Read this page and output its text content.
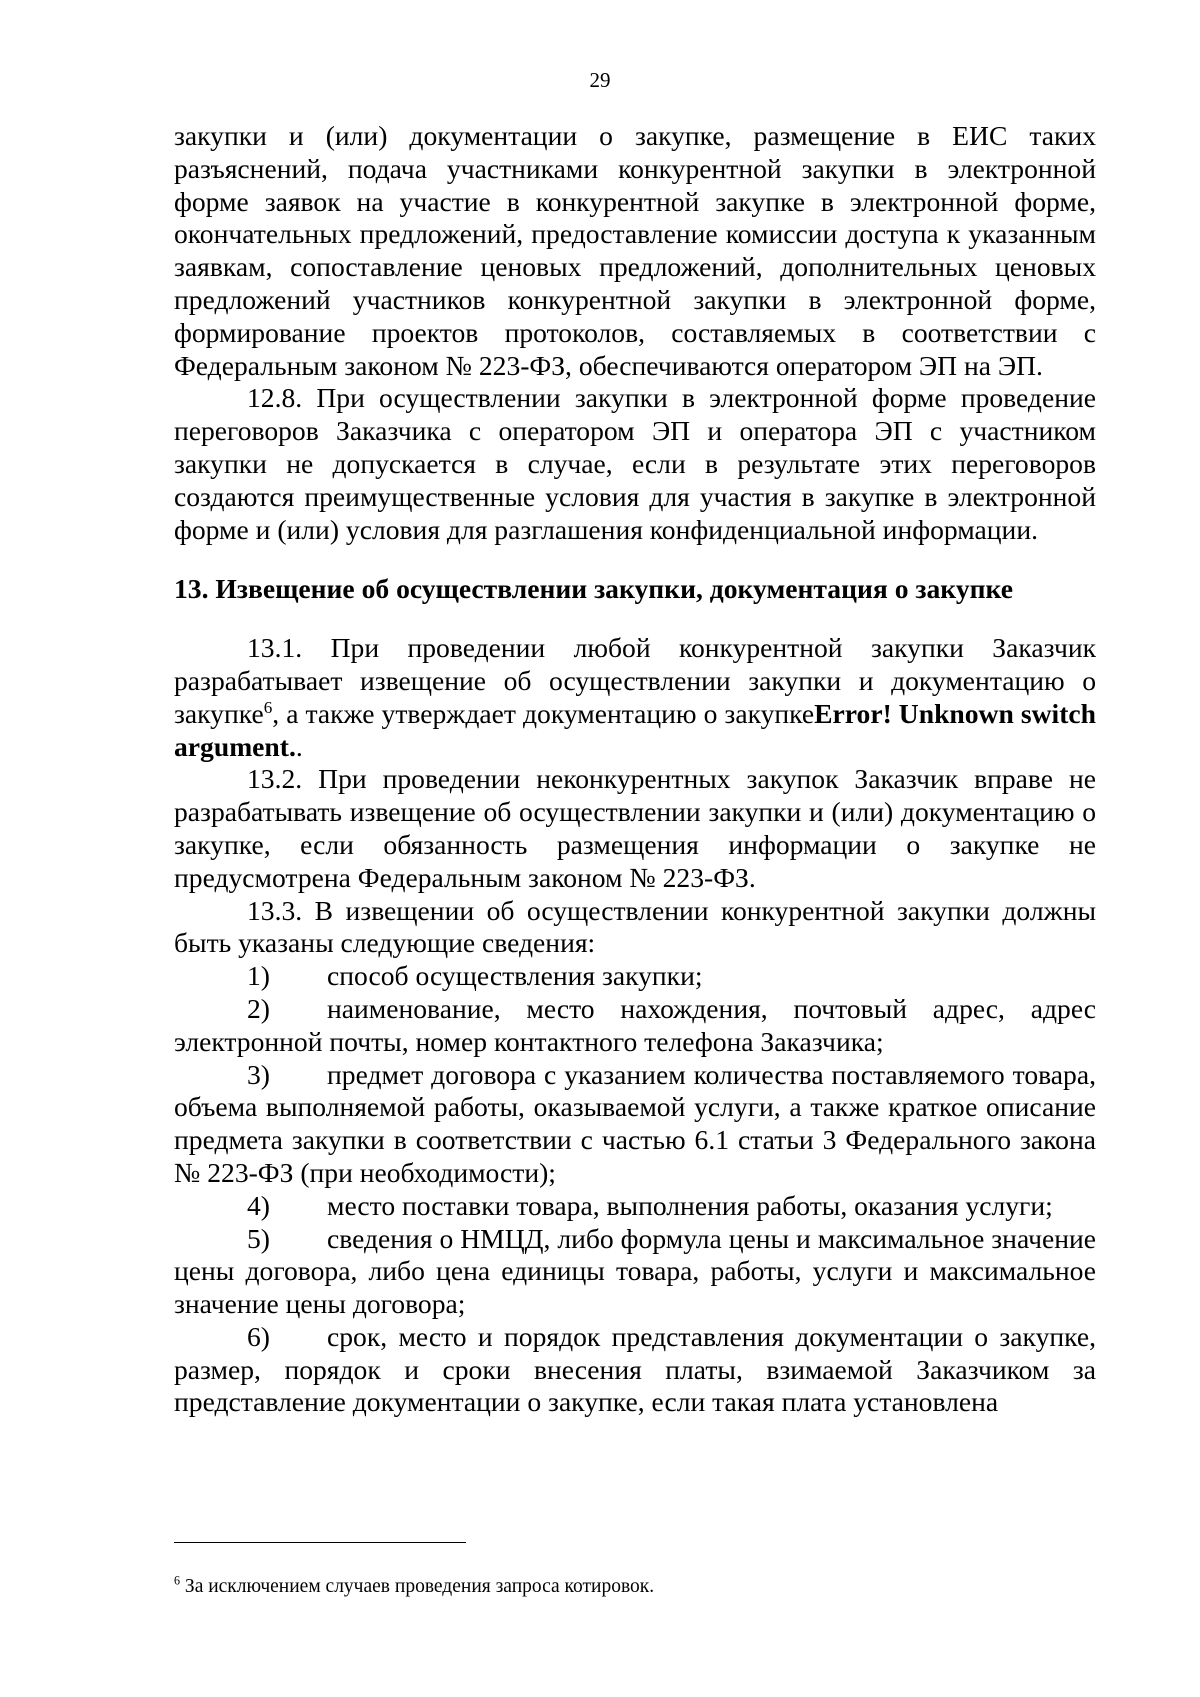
29

закупки и (или) документации о закупке, размещение в ЕИС таких разъяснений, подача участниками конкурентной закупки в электронной форме заявок на участие в конкурентной закупке в электронной форме, окончательных предложений, предоставление комиссии доступа к указанным заявкам, сопоставление ценовых предложений, дополнительных ценовых предложений участников конкурентной закупки в электронной форме, формирование проектов протоколов, составляемых в соответствии с Федеральным законом № 223-ФЗ, обеспечиваются оператором ЭП на ЭП.

12.8. При осуществлении закупки в электронной форме проведение переговоров Заказчика с оператором ЭП и оператора ЭП с участником закупки не допускается в случае, если в результате этих переговоров создаются преимущественные условия для участия в закупке в электронной форме и (или) условия для разглашения конфиденциальной информации.

13. Извещение об осуществлении закупки, документация о закупке

13.1. При проведении любой конкурентной закупки Заказчик разрабатывает извещение об осуществлении закупки и документацию о закупке$^6$, а также утверждает документацию о закупкеError! Unknown switch argument..

13.2. При проведении неконкурентных закупок Заказчик вправе не разрабатывать извещение об осуществлении закупки и (или) документацию о закупке, если обязанность размещения информации о закупке не предусмотрена Федеральным законом № 223-ФЗ.

13.3. В извещении об осуществлении конкурентной закупки должны быть указаны следующие сведения:

1) способ осуществления закупки;

2) наименование, место нахождения, почтовый адрес, адрес электронной почты, номер контактного телефона Заказчика;

3) предмет договора с указанием количества поставляемого товара, объема выполняемой работы, оказываемой услуги, а также краткое описание предмета закупки в соответствии с частью 6.1 статьи 3 Федерального закона № 223-ФЗ (при необходимости);

4) место поставки товара, выполнения работы, оказания услуги;

5) сведения о НМЦД, либо формула цены и максимальное значение цены договора, либо цена единицы товара, работы, услуги и максимальное значение цены договора;

6) срок, место и порядок представления документации о закупке, размер, порядок и сроки внесения платы, взимаемой Заказчиком за представление документации о закупке, если такая плата установлена

$^6$ За исключением случаев проведения запроса котировок.
